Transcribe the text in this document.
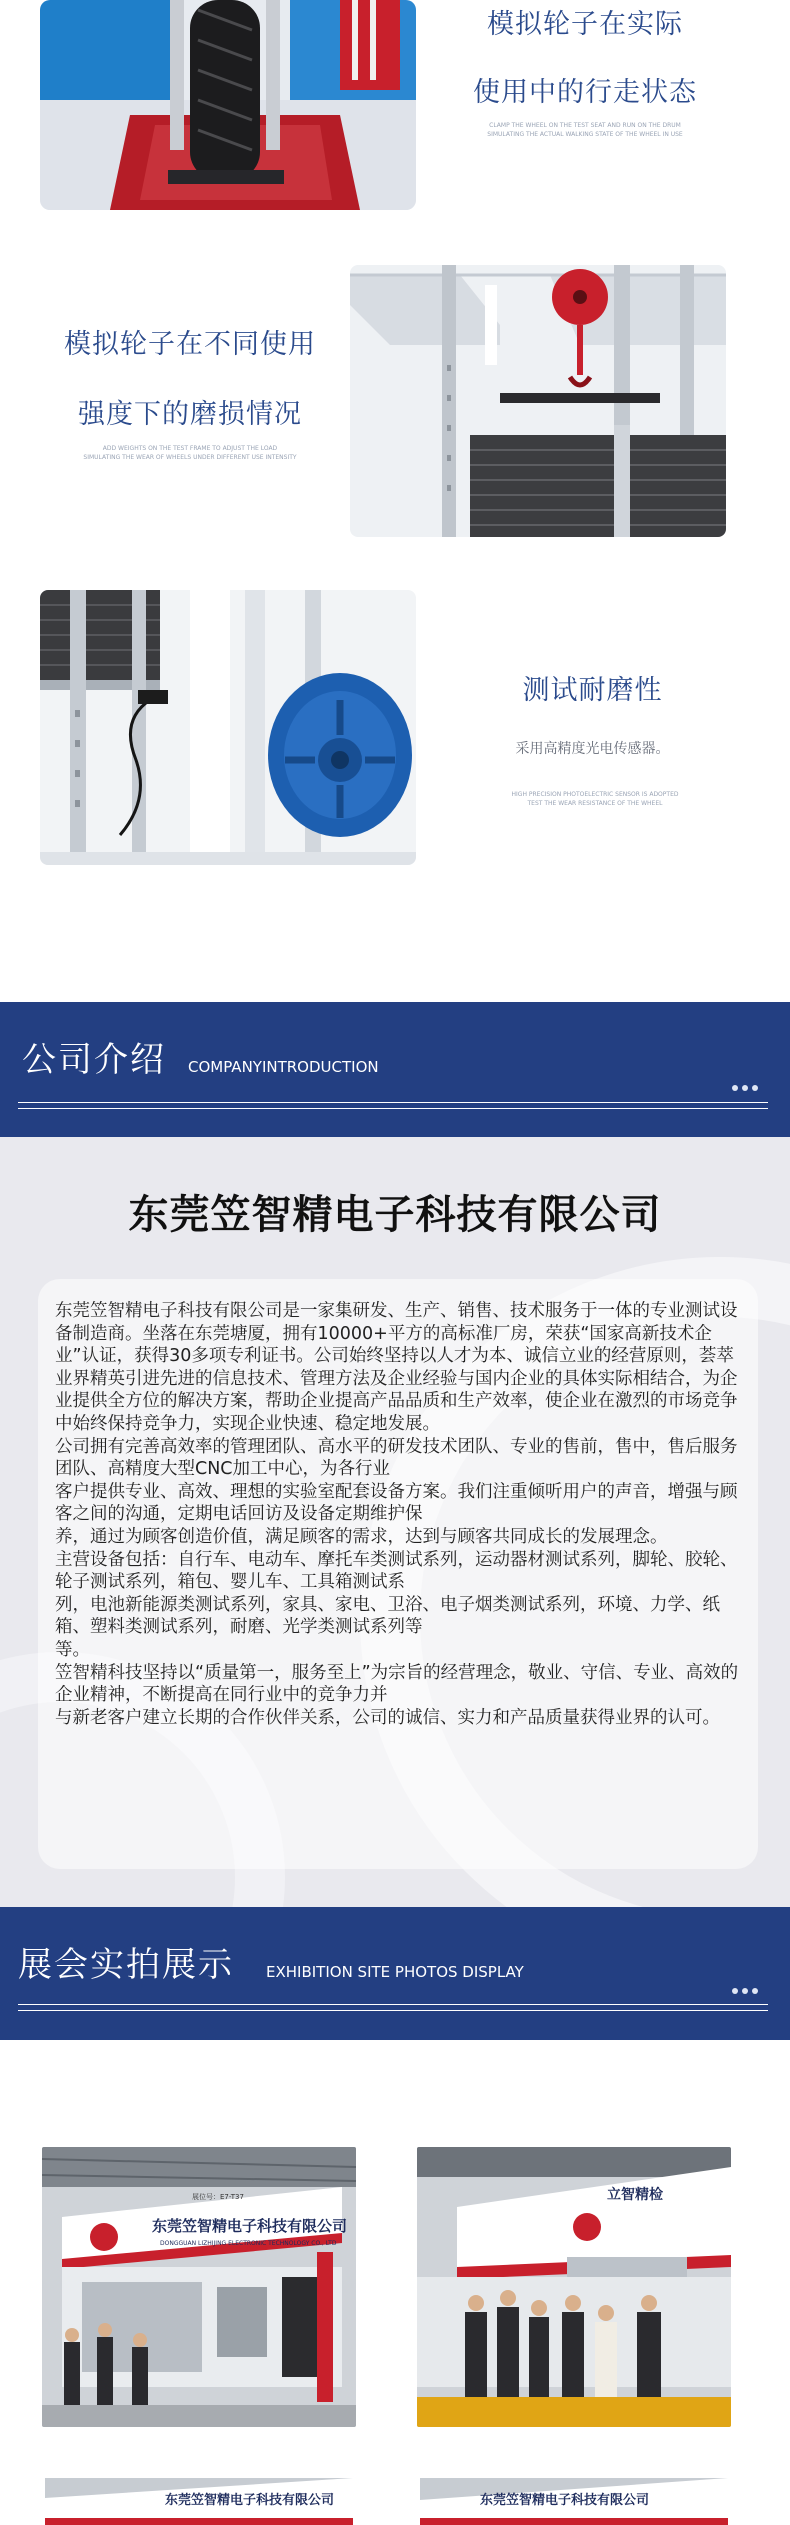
模拟轮子在实际
使用中的行走状态
CLAMP THE WHEEL ON THE TEST SEAT AND RUN ON THE DRUM
SIMULATING THE ACTUAL WALKING STATE OF THE WHEEL IN USE
模拟轮子在不同使用
强度下的磨损情况
ADD WEIGHTS ON THE TEST FRAME TO ADJUST THE LOAD
SIMULATING THE WEAR OF WHEELS UNDER DIFFERENT USE INTENSITY
测试耐磨性
采用高精度光电传感器。
HIGH PRECISION PHOTOELECTRIC SENSOR IS ADOPTED
TEST THE WEAR RESISTANCE OF THE WHEEL
公司介绍 COMPANYINTRODUCTION
东莞笠智精电子科技有限公司

东莞笠智精电子科技有限公司是一家集研发、生产、销售、技术服务于一体的专业测试设备制造商。坐落在东莞塘厦，拥有10000+平方的高标准厂房，荣获“国家高新技术企业”认证，获得30多项专利证书。公司始终坚持以人才为本、诚信立业的经营原则，荟萃业界精英引进先进的信息技术、管理方法及企业经验与国内企业的具体实际相结合，为企业提供全方位的解决方案，帮助企业提高产品品质和生产效率，使企业在激烈的市场竞争中始终保持竞争力，实现企业快速、稳定地发展。

公司拥有完善高效率的管理团队、高水平的研发技术团队、专业的售前，售中，售后服务团队、高精度大型CNC加工中心，为各行业

客户提供专业、高效、理想的实验室配套设备方案。我们注重倾听用户的声音，增强与顾客之间的沟通，定期电话回访及设备定期维护保

养，通过为顾客创造价值，满足顾客的需求，达到与顾客共同成长的发展理念。

主营设备包括：自行车、电动车、摩托车类测试系列，运动器材测试系列，脚轮、胶轮、轮子测试系列，箱包、婴儿车、工具箱测试系

列，电池新能源类测试系列，家具、家电、卫浴、电子烟类测试系列，环境、力学、纸箱、塑料类测试系列，耐磨、光学类测试系列等

等。

笠智精科技坚持以“质量第一，服务至上”为宗旨的经营理念，敬业、守信、专业、高效的企业精神，不断提高在同行业中的竞争力并

与新老客户建立长期的合作伙伴关系，公司的诚信、实力和产品质量获得业界的认可。

展会实拍展示 EXHIBITION SITE PHOTOS DISPLAY
东莞笠智精电子科技有限公司
DONGGUAN LIZHIJING ELECTRONIC TECHNOLOGY CO., LTD
展位号：E7-T37	立智精检
东莞笠智精电子科技有限公司	东莞笠智精电子科技有限公司
